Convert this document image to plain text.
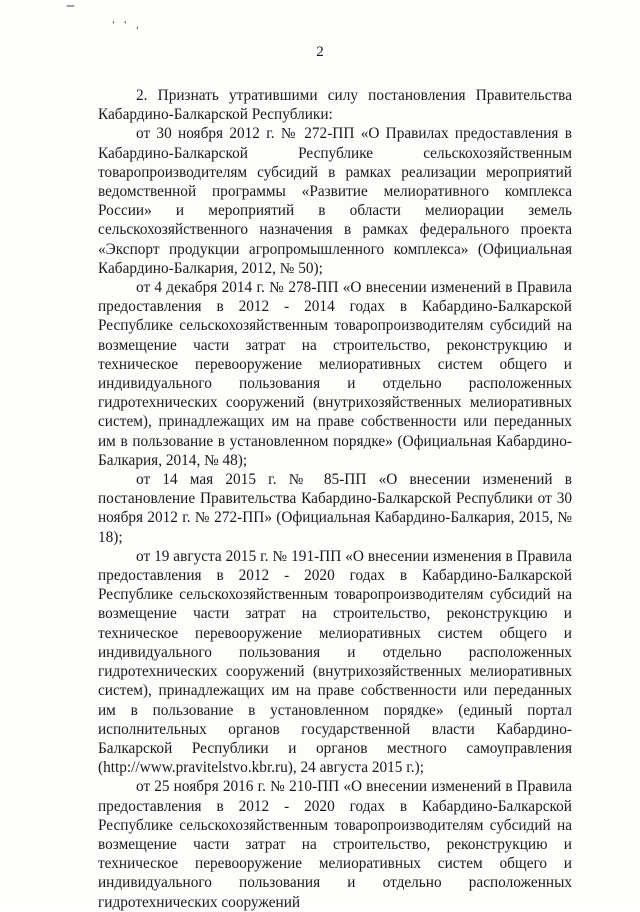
‒
' ' ,
2

2. Признать утратившими силу постановления Правительства Кабардино-Балкарской Республики:

от 30 ноября 2012 г. № 272-ПП «О Правилах предоставления в Кабардино-Балкарской Республике сельскохозяйственным товаропроизводителям субсидий в рамках реализации мероприятий ведомственной программы «Развитие мелиоративного комплекса России» и мероприятий в области мелиорации земель сельскохозяйственного назначения в рамках федерального проекта «Экспорт продукции агропромышленного комплекса» (Официальная Кабардино-Балкария, 2012, № 50);

от 4 декабря 2014 г. № 278-ПП «О внесении изменений в Правила предоставления в 2012 - 2014 годах в Кабардино-Балкарской Республике сельскохозяйственным товаропроизводителям субсидий на возмещение части затрат на строительство, реконструкцию и техническое перевооружение мелиоративных систем общего и индивидуального пользования и отдельно расположенных гидротехнических сооружений (внутрихозяйственных мелиоративных систем), принадлежащих им на праве собственности или переданных им в пользование в установленном порядке» (Официальная Кабардино-Балкария, 2014, № 48);

от 14 мая 2015 г. № 85-ПП «О внесении изменений в постановление Правительства Кабардино-Балкарской Республики от 30 ноября 2012 г. № 272-ПП» (Официальная Кабардино-Балкария, 2015, № 18);

от 19 августа 2015 г. № 191-ПП «О внесении изменения в Правила предоставления в 2012 - 2020 годах в Кабардино-Балкарской Республике сельскохозяйственным товаропроизводителям субсидий на возмещение части затрат на строительство, реконструкцию и техническое перевооружение мелиоративных систем общего и индивидуального пользования и отдельно расположенных гидротехнических сооружений (внутрихозяйственных мелиоративных систем), принадлежащих им на праве собственности или переданных им в пользование в установленном порядке» (единый портал исполнительных органов государственной власти Кабардино-Балкарской Республики и органов местного самоуправления (http://www.pravitelstvo.kbr.ru), 24 августа 2015 г.);

от 25 ноября 2016 г. № 210-ПП «О внесении изменений в Правила предоставления в 2012 - 2020 годах в Кабардино-Балкарской Республике сельскохозяйственным товаропроизводителям субсидий на возмещение части затрат на строительство, реконструкцию и техническое перевооружение мелиоративных систем общего и индивидуального пользования и отдельно расположенных гидротехнических сооружений
